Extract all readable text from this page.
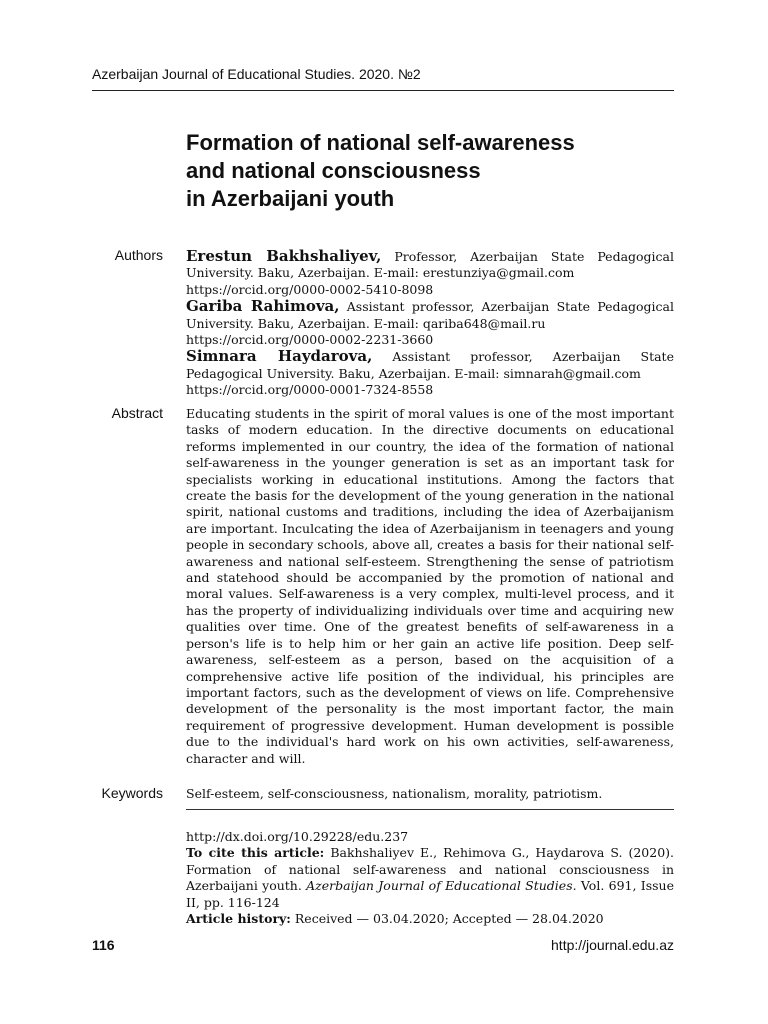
Azerbaijan Journal of Educational Studies. 2020. №2
Formation of national self-awareness
and national consciousness
in Azerbaijani youth
Authors Erestun Bakhshaliyev, Professor, Azerbaijan State Pedagogical University. Baku, Azerbaijan. E-mail: erestunziya@gmail.com
https://orcid.org/0000-0002-5410-8098
Gariba Rahimova, Assistant professor, Azerbaijan State Pedagogical University. Baku, Azerbaijan. E-mail: qariba648@mail.ru
https://orcid.org/0000-0002-2231-3660
Simnara Haydarova, Assistant professor, Azerbaijan State Pedagogical University. Baku, Azerbaijan. E-mail: simnarah@gmail.com
https://orcid.org/0000-0001-7324-8558
Abstract Educating students in the spirit of moral values is one of the most important tasks of modern education. In the directive documents on educational reforms implemented in our country, the idea of the formation of national self-awareness in the younger generation is set as an important task for specialists working in educational institutions. Among the factors that create the basis for the development of the young generation in the national spirit, national customs and traditions, including the idea of Azerbaijanism are important. Inculcating the idea of Azerbaijanism in teenagers and young people in secondary schools, above all, creates a basis for their national self-awareness and national self-esteem. Strengthening the sense of patriotism and statehood should be accompanied by the promotion of national and moral values. Self-awareness is a very complex, multi-level process, and it has the property of individualizing individuals over time and acquiring new qualities over time. One of the greatest benefits of self-awareness in a person's life is to help him or her gain an active life position. Deep self-awareness, self-esteem as a person, based on the acquisition of a comprehensive active life position of the individual, his principles are important factors, such as the development of views on life. Comprehensive development of the personality is the most important factor, the main requirement of progressive development. Human development is possible due to the individual's hard work on his own activities, self-awareness, character and will.

Keywords Self-esteem, self-consciousness, nationalism, morality, patriotism.
http://dx.doi.org/10.29228/edu.237
To cite this article: Bakhshaliyev E., Rehimova G., Haydarova S. (2020). Formation of national self-awareness and national consciousness in Azerbaijani youth. Azerbaijan Journal of Educational Studies. Vol. 691, Issue II, pp. 116-124
Article history: Received — 03.04.2020; Accepted — 28.04.2020
116	http://journal.edu.az
